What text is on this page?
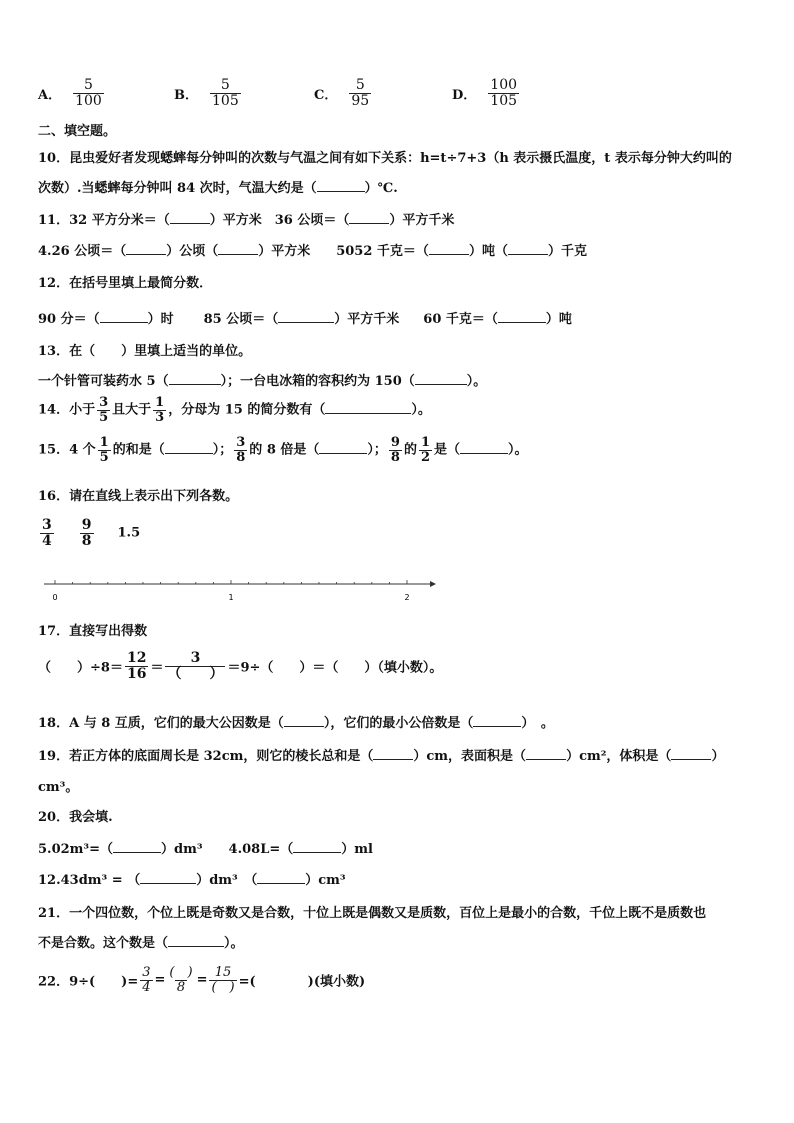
A． $\frac{5}{100}$	B． $\frac{5}{105}$	C． $\frac{5}{95}$	D． $\frac{100}{105}$
二、填空题。
10．昆虫爱好者发现蟋蟀每分钟叫的次数与气温之间有如下关系：h=t÷7+3（h 表示摄氏温度，t 表示每分钟大约叫的
次数）.当蟋蟀每分钟叫 84 次时，气温大约是（	）℃.
11．32 平方分米＝（	）平方米　36 公顷＝（	）平方千米
4.26 公顷＝（	）公顷（	）平方米　　5052 千克＝（	）吨（	）千克
12．在括号里填上最简分数．
90 分＝（	）时 85 公顷＝（	）平方千米 60 千克＝（	）吨
13．在（　　）里填上适当的单位。
一个针管可装药水 5（	）；一台电冰箱的容积约为 150（	）。
14．小于 $\frac{3}{5}$ 且大于 $\frac{1}{3}$ ，分母为 15 的简分数有（	）。
15．4 个 $\frac{1}{5}$ 的和是（	）； $\frac{3}{8}$ 的 8 倍是（	）； $\frac{9}{8}$ 的 $\frac{1}{2}$ 是（	）。
16．请在直线上表示出下列各数。
$\frac{3}{4} \frac{9}{8} 1.5$
0	1	2
17．直接写出得数
（　　）$\div 8= \frac{12}{16} = \frac{3}{( )} =9\div$（　　）＝（　　）（填小数）。
18．A 与 8 互质，它们的最大公因数是（	），它们的最小公倍数是（	）　。
19．若正方体的底面周长是 32cm，则它的棱长总和是（	）cm，表面积是（	）cm²，体积是（	）
cm³。
20．我会填.
5.02m³=（	）dm³　　4.08L=（	）ml
12.43dm³ = （	）dm³　（	）cm³
21．一个四位数，个位上既是奇数又是合数，十位上既是偶数又是质数，百位上是最小的合数，千位上既不是质数也
不是合数。这个数是（	）。
22．9÷(　　)= $\frac{3}{4} = \frac{( )}{8} = \frac{15}{( )}$ =(　　　　)(填小数)
